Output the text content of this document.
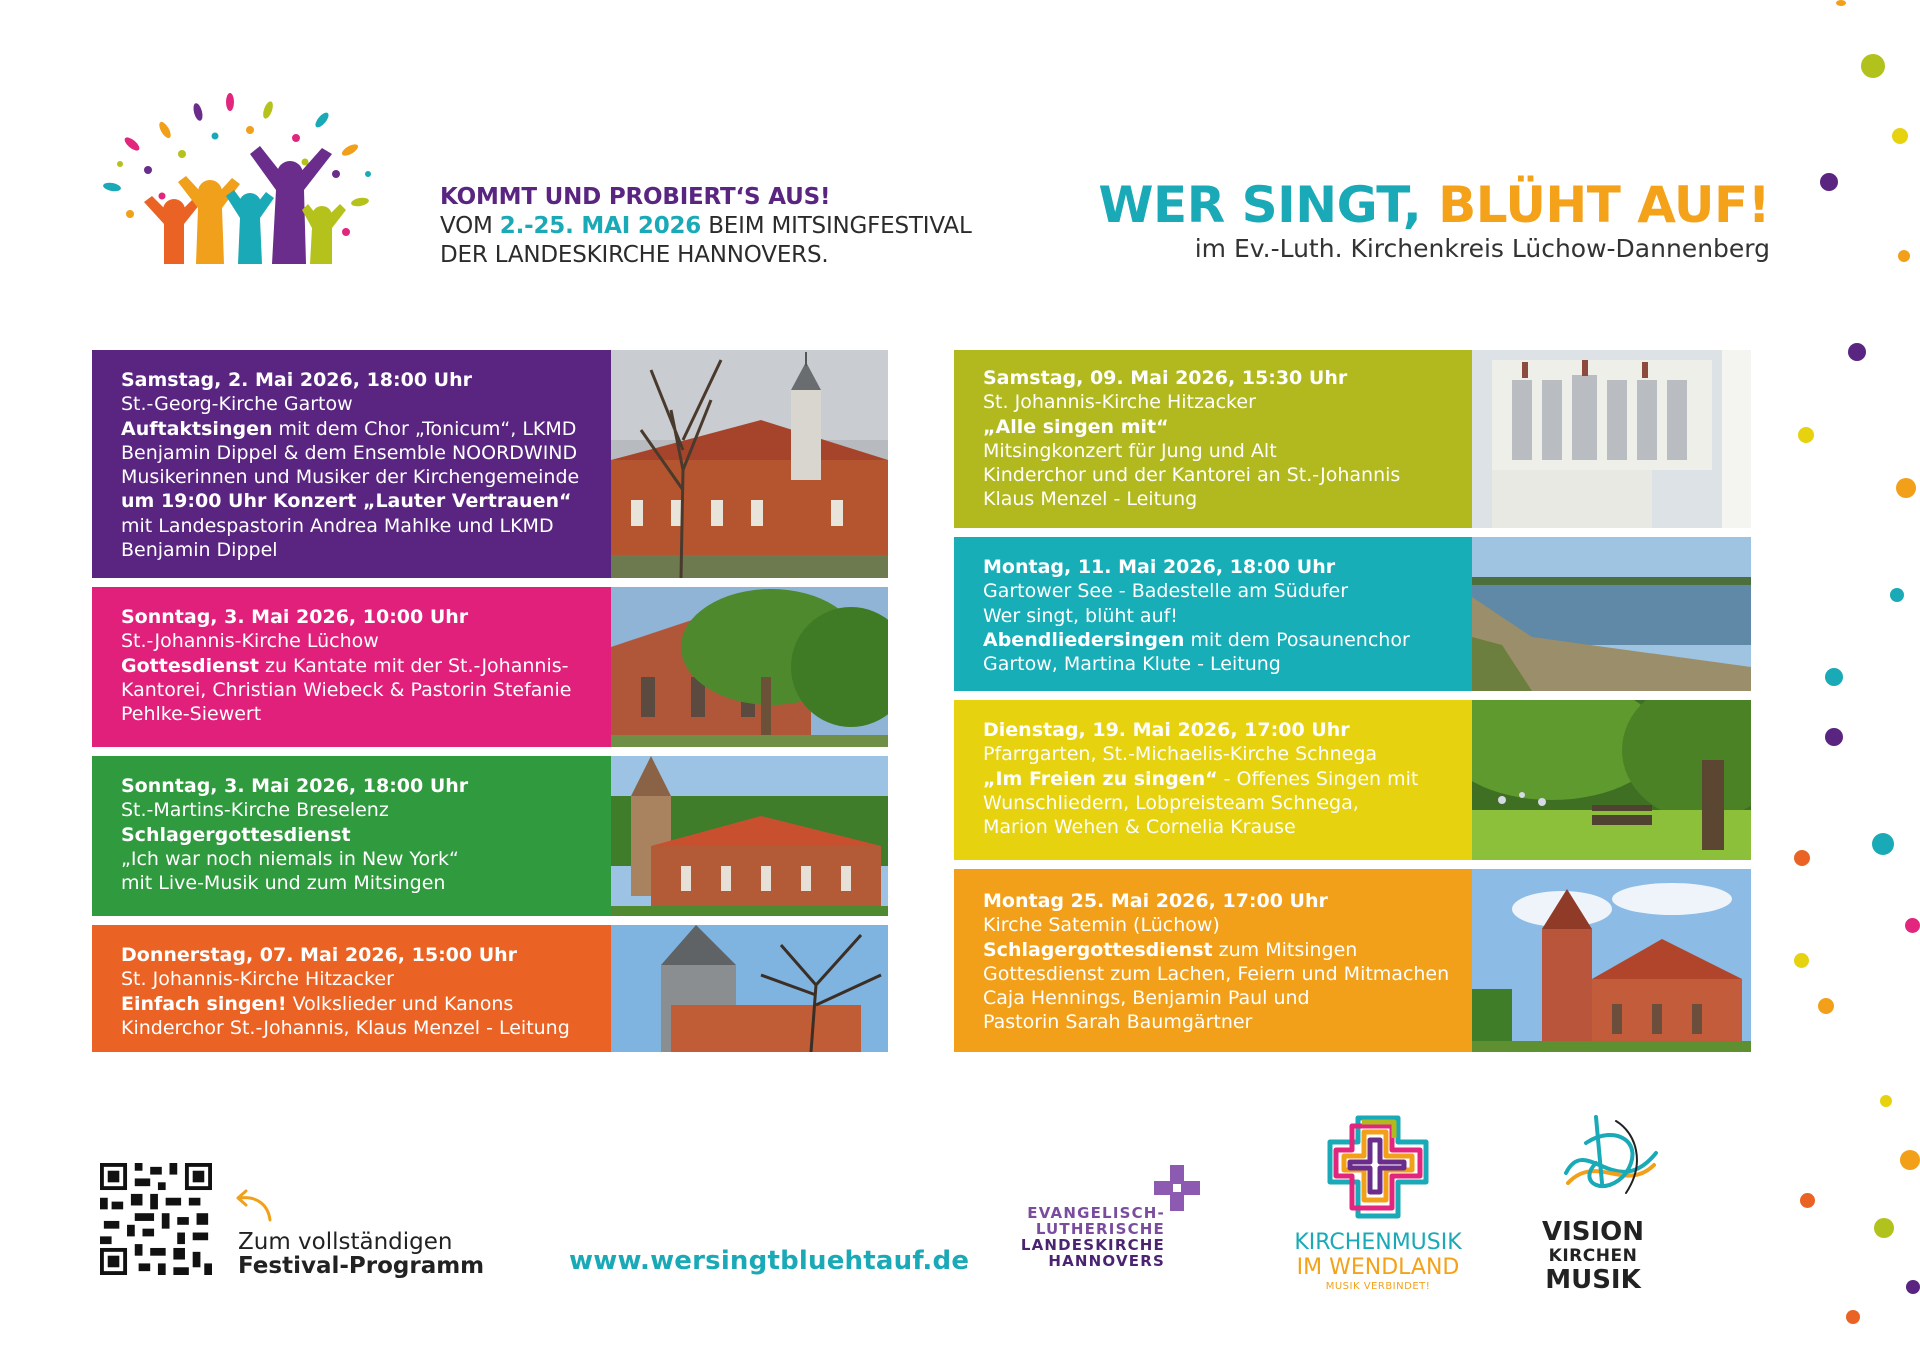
KOMMT UND PROBIERT‘S AUS!
VOM 2.-25. MAI 2026 BEIM MITSINGFESTIVAL
DER LANDESKIRCHE HANNOVERS.
WER SINGT, BLÜHT AUF!
im Ev.-Luth. Kirchenkreis Lüchow-Dannenberg
Samstag, 2. Mai 2026, 18:00 Uhr
St.-Georg-Kirche Gartow
Auftaktsingen mit dem Chor „Tonicum“, LKMD
Benjamin Dippel & dem Ensemble NOORDWIND
Musikerinnen und Musiker der Kirchengemeinde
um 19:00 Uhr Konzert „Lauter Vertrauen“
mit Landespastorin Andrea Mahlke und LKMD
Benjamin Dippel
Sonntag, 3. Mai 2026, 10:00 Uhr
St.-Johannis-Kirche Lüchow
Gottesdienst zu Kantate mit der St.-Johannis-
Kantorei, Christian Wiebeck & Pastorin Stefanie
Pehlke-Siewert
Sonntag, 3. Mai 2026, 18:00 Uhr
St.-Martins-Kirche Breselenz
Schlagergottesdienst
„Ich war noch niemals in New York“
mit Live-Musik und zum Mitsingen
Donnerstag, 07. Mai 2026, 15:00 Uhr
St. Johannis-Kirche Hitzacker
Einfach singen! Volkslieder und Kanons
Kinderchor St.-Johannis, Klaus Menzel - Leitung
Samstag, 09. Mai 2026, 15:30 Uhr
St. Johannis-Kirche Hitzacker
„Alle singen mit“
Mitsingkonzert für Jung und Alt
Kinderchor und der Kantorei an St.-Johannis
Klaus Menzel - Leitung
Montag, 11. Mai 2026, 18:00 Uhr
Gartower See - Badestelle am Südufer
Wer singt, blüht auf!
Abendliedersingen mit dem Posaunenchor
Gartow, Martina Klute - Leitung
Dienstag, 19. Mai 2026, 17:00 Uhr
Pfarrgarten, St.-Michaelis-Kirche Schnega
„Im Freien zu singen“ - Offenes Singen mit
Wunschliedern, Lobpreisteam Schnega,
Marion Wehen & Cornelia Krause
Montag 25. Mai 2026, 17:00 Uhr
Kirche Satemin (Lüchow)
Schlagergottesdienst zum Mitsingen
Gottesdienst zum Lachen, Feiern und Mitmachen
Caja Hennings, Benjamin Paul und
Pastorin Sarah Baumgärtner
Zum vollständigen
Festival-Programm	www.wersingtbluehtauf.de
EVANGELISCH-
LUTHERISCHE
LANDESKIRCHE
HANNOVERS
KIRCHENMUSIK
IM WENDLAND
MUSIK VERBINDET!
VISION
KIRCHEN
MUSIK
